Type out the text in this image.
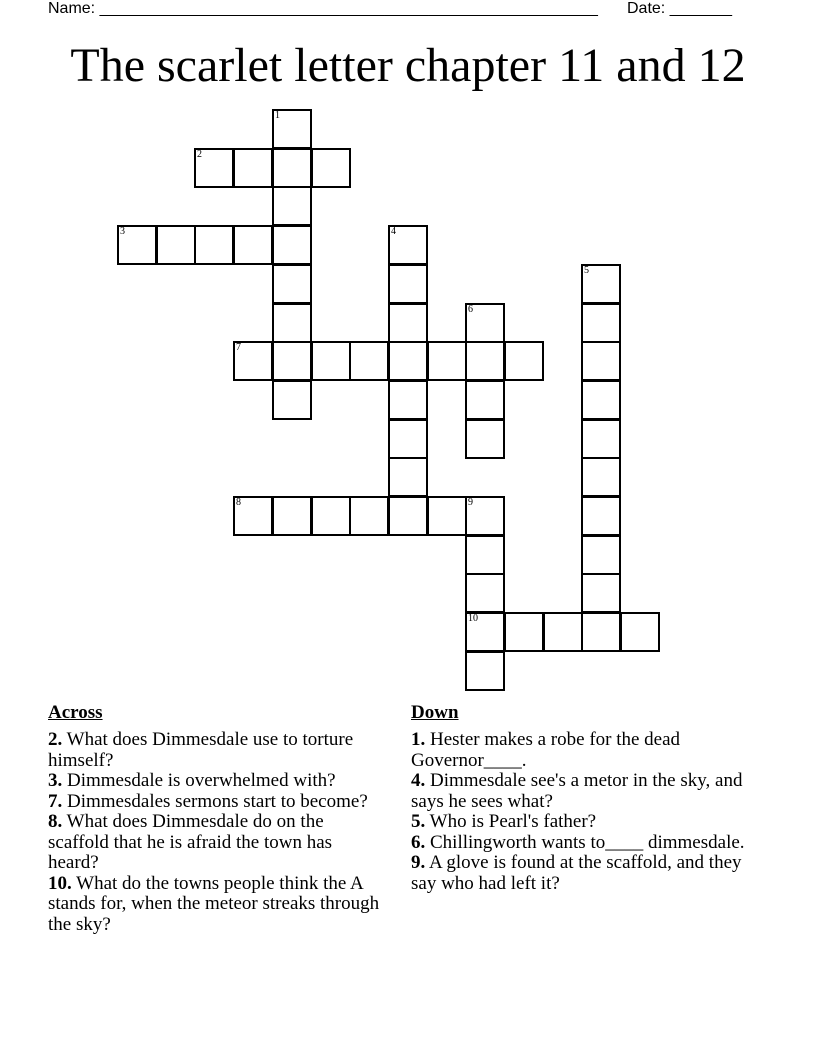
Name: ________________________________________________________ Date: _______
The scarlet letter chapter 11 and 12
1
2
3	4
5
6
7
8	9
10
Across
2. What does Dimmesdale use to torture himself?
3. Dimmesdale is overwhelmed with?
7. Dimmesdales sermons start to become?
8. What does Dimmesdale do on the scaffold that he is afraid the town has heard?
10. What do the towns people think the A stands for, when the meteor streaks through the sky?
Down
1. Hester makes a robe for the dead Governor____.
4. Dimmesdale see's a metor in the sky, and says he sees what?
5. Who is Pearl's father?
6. Chillingworth wants to____ dimmesdale.
9. A glove is found at the scaffold, and they say who had left it?
